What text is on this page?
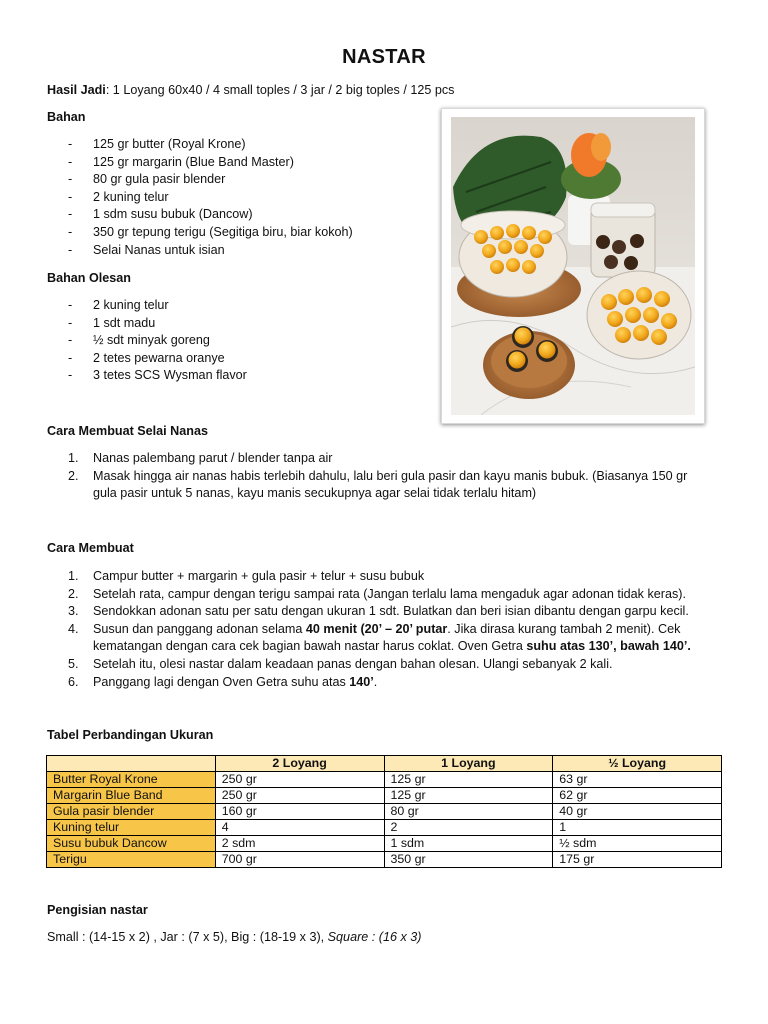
NASTAR
Hasil Jadi: 1 Loyang 60x40 / 4 small toples / 3 jar / 2 big toples / 125 pcs
Bahan
- 125 gr butter (Royal Krone)
- 125 gr margarin (Blue Band Master)
- 80 gr gula pasir blender
- 2 kuning telur
- 1 sdm susu bubuk (Dancow)
- 350 gr tepung terigu (Segitiga biru, biar kokoh)
- Selai Nanas untuk isian
Bahan Olesan
- 2 kuning telur
- 1 sdt madu
- ½ sdt minyak goreng
- 2 tetes pewarna oranye
- 3 tetes SCS Wysman flavor
Cara Membuat Selai Nanas
1. Nanas palembang parut / blender tanpa air
2. Masak hingga air nanas habis terlebih dahulu, lalu beri gula pasir dan kayu manis bubuk. (Biasanya 150 gr gula pasir untuk 5 nanas, kayu manis secukupnya agar selai tidak terlalu hitam)
Cara Membuat
1. Campur butter + margarin + gula pasir + telur + susu bubuk
2. Setelah rata, campur dengan terigu sampai rata (Jangan terlalu lama mengaduk agar adonan tidak keras).
3. Sendokkan adonan satu per satu dengan ukuran 1 sdt. Bulatkan dan beri isian dibantu dengan garpu kecil.
4. Susun dan panggang adonan selama 40 menit (20’ – 20’ putar. Jika dirasa kurang tambah 2 menit). Cek kematangan dengan cara cek bagian bawah nastar harus coklat. Oven Getra suhu atas 130’, bawah 140’.
5. Setelah itu, olesi nastar dalam keadaan panas dengan bahan olesan. Ulangi sebanyak 2 kali.
6. Panggang lagi dengan Oven Getra suhu atas 140’.
Tabel Perbandingan Ukuran
	2 Loyang	1 Loyang	½ Loyang
Butter Royal Krone	250 gr	125 gr	63 gr
Margarin Blue Band	250 gr	125 gr	62 gr
Gula pasir blender	160 gr	80 gr	40 gr
Kuning telur	4	2	1
Susu bubuk Dancow	2 sdm	1 sdm	½ sdm
Terigu	700 gr	350 gr	175 gr
Pengisian nastar
Small : (14-15 x 2) , Jar : (7 x 5), Big : (18-19 x 3), Square : (16 x 3)
